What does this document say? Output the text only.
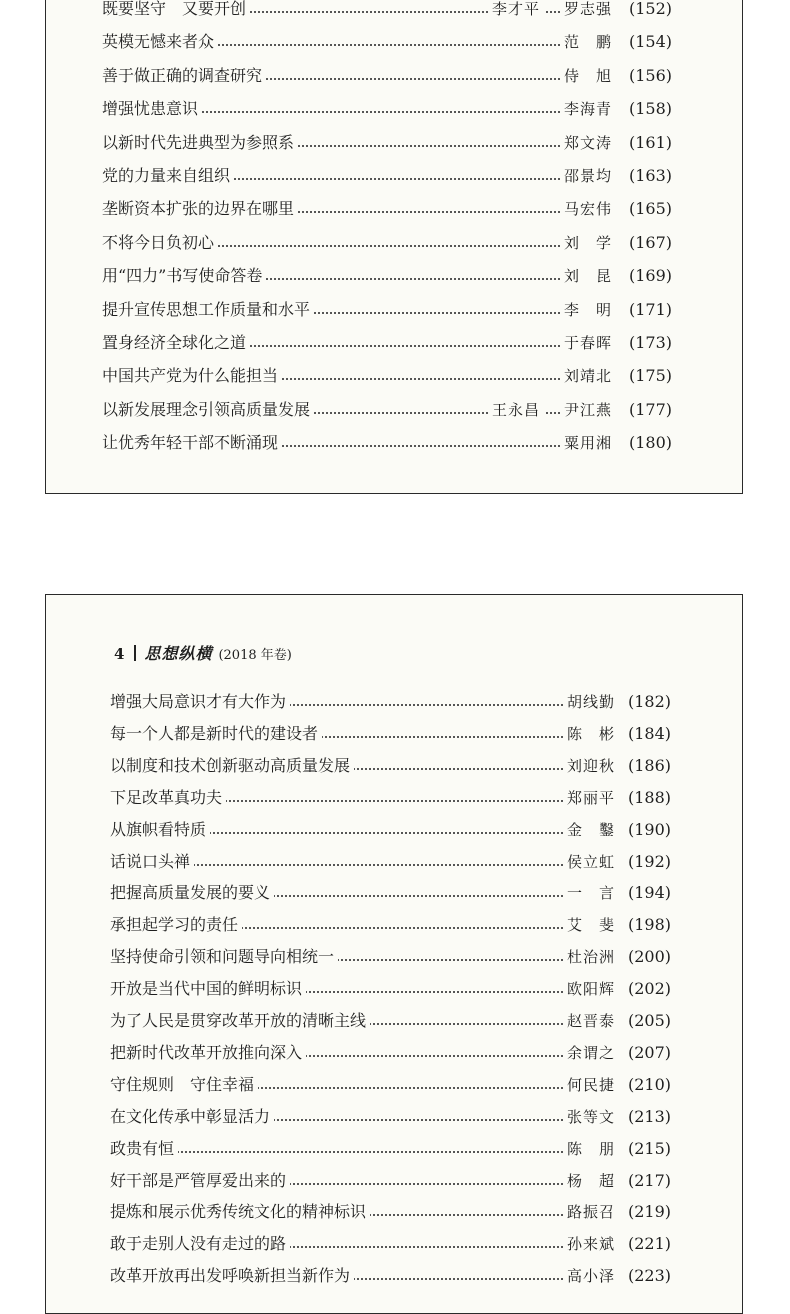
既要坚守　又要开创	李才平 罗志强 (152)
英模无憾来者众	范　鹏 (154)
善于做正确的调查研究	侍　旭 (156)
增强忧患意识	李海青 (158)
以新时代先进典型为参照系	郑文涛 (161)
党的力量来自组织	邵景均 (163)
垄断资本扩张的边界在哪里	马宏伟 (165)
不将今日负初心	刘　学 (167)
用“四力”书写使命答卷	刘　昆 (169)
提升宣传思想工作质量和水平	李　明 (171)
置身经济全球化之道	于春晖 (173)
中国共产党为什么能担当	刘靖北 (175)
以新发展理念引领高质量发展	王永昌 尹江燕 (177)
让优秀年轻干部不断涌现	粟用湘 (180)
4 思想纵横 (2018 年卷)
增强大局意识才有大作为	胡线勤 (182)
每一个人都是新时代的建设者	陈　彬 (184)
以制度和技术创新驱动高质量发展	刘迎秋 (186)
下足改革真功夫	郑丽平 (188)
从旗帜看特质	金　鑿 (190)
话说口头禅	侯立虹 (192)
把握高质量发展的要义	一　言 (194)
承担起学习的责任	艾　斐 (198)
坚持使命引领和问题导向相统一	杜治洲 (200)
开放是当代中国的鲜明标识	欧阳辉 (202)
为了人民是贯穿改革开放的清晰主线	赵晋泰 (205)
把新时代改革开放推向深入	余谓之 (207)
守住规则　守住幸福	何民捷 (210)
在文化传承中彰显活力	张等文 (213)
政贵有恒	陈　朋 (215)
好干部是严管厚爱出来的	杨　超 (217)
提炼和展示优秀传统文化的精神标识	路振召 (219)
敢于走别人没有走过的路	孙来斌 (221)
改革开放再出发呼唤新担当新作为	高小泽 (223)
